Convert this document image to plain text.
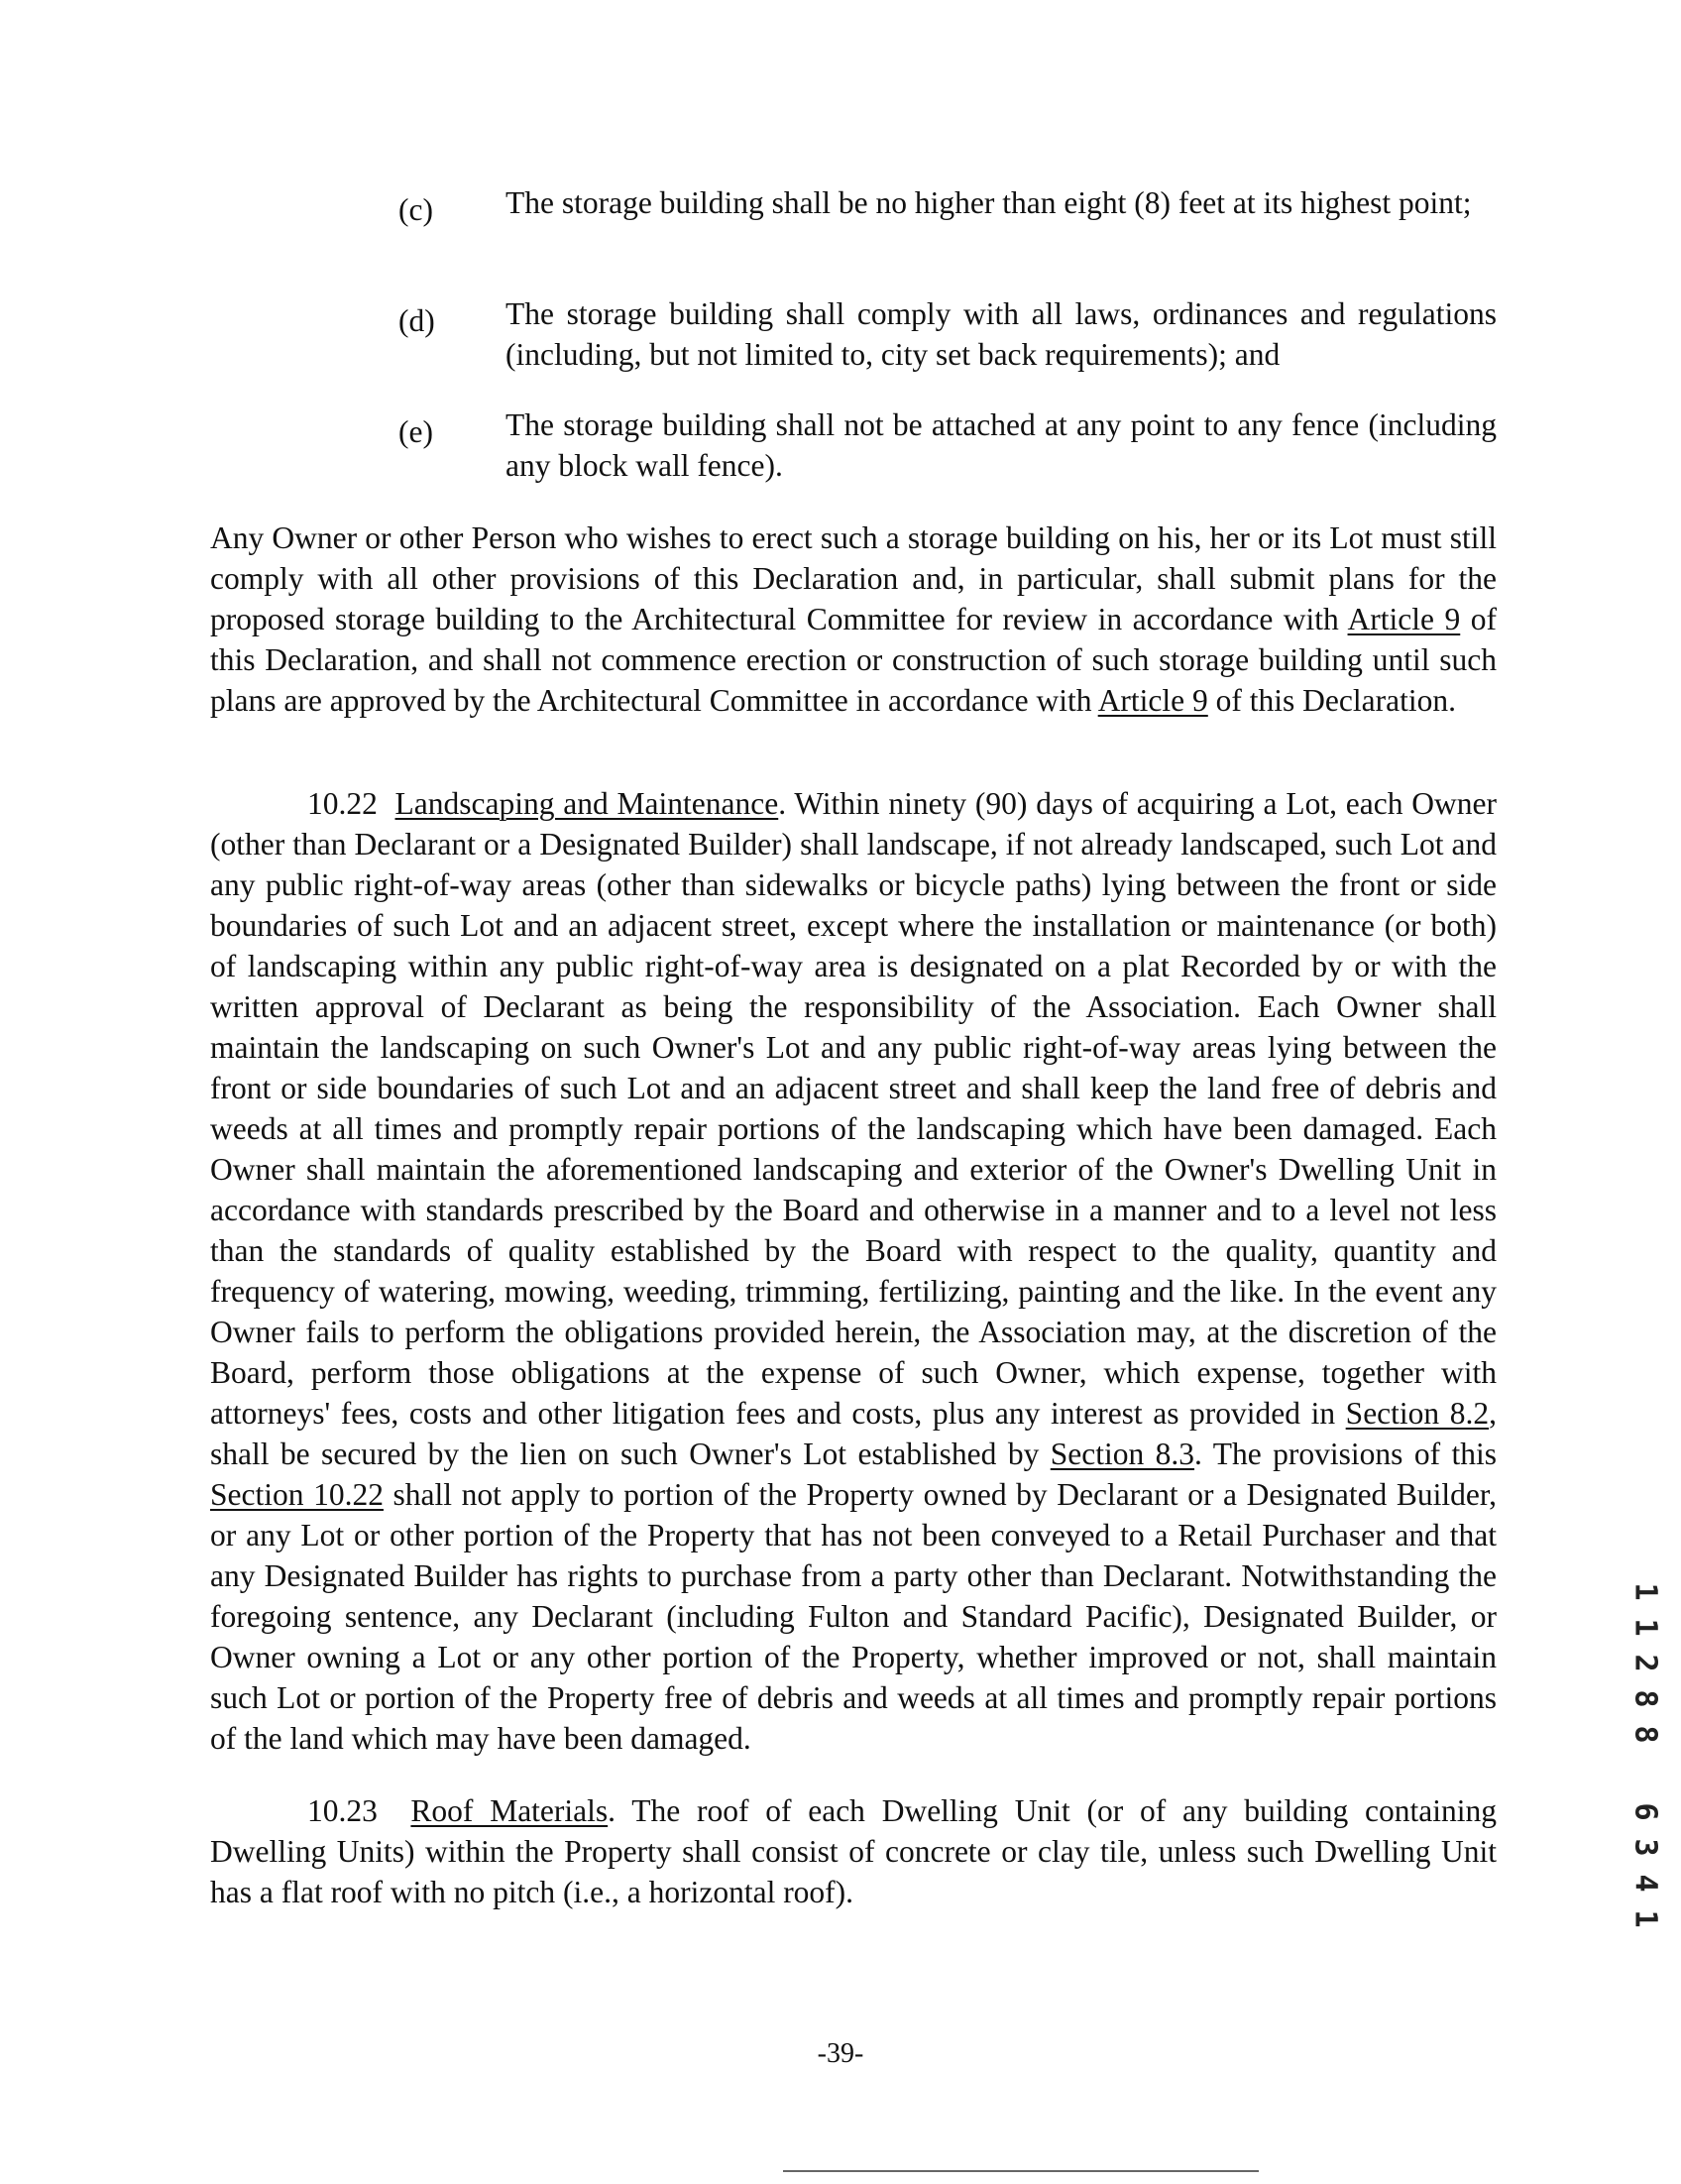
(c) The storage building shall be no higher than eight (8) feet at its highest point;
(d) The storage building shall comply with all laws, ordinances and regulations (including, but not limited to, city set back requirements); and
(e) The storage building shall not be attached at any point to any fence (including any block wall fence).
Any Owner or other Person who wishes to erect such a storage building on his, her or its Lot must still comply with all other provisions of this Declaration and, in particular, shall submit plans for the proposed storage building to the Architectural Committee for review in accordance with Article 9 of this Declaration, and shall not commence erection or construction of such storage building until such plans are approved by the Architectural Committee in accordance with Article 9 of this Declaration.
10.22 Landscaping and Maintenance. Within ninety (90) days of acquiring a Lot, each Owner (other than Declarant or a Designated Builder) shall landscape, if not already landscaped, such Lot and any public right-of-way areas (other than sidewalks or bicycle paths) lying between the front or side boundaries of such Lot and an adjacent street, except where the installation or maintenance (or both) of landscaping within any public right-of-way area is designated on a plat Recorded by or with the written approval of Declarant as being the responsibility of the Association. Each Owner shall maintain the landscaping on such Owner's Lot and any public right-of-way areas lying between the front or side boundaries of such Lot and an adjacent street and shall keep the land free of debris and weeds at all times and promptly repair portions of the landscaping which have been damaged. Each Owner shall maintain the aforementioned landscaping and exterior of the Owner's Dwelling Unit in accordance with standards prescribed by the Board and otherwise in a manner and to a level not less than the standards of quality established by the Board with respect to the quality, quantity and frequency of watering, mowing, weeding, trimming, fertilizing, painting and the like. In the event any Owner fails to perform the obligations provided herein, the Association may, at the discretion of the Board, perform those obligations at the expense of such Owner, which expense, together with attorneys' fees, costs and other litigation fees and costs, plus any interest as provided in Section 8.2, shall be secured by the lien on such Owner's Lot established by Section 8.3. The provisions of this Section 10.22 shall not apply to portion of the Property owned by Declarant or a Designated Builder, or any Lot or other portion of the Property that has not been conveyed to a Retail Purchaser and that any Designated Builder has rights to purchase from a party other than Declarant. Notwithstanding the foregoing sentence, any Declarant (including Fulton and Standard Pacific), Designated Builder, or Owner owning a Lot or any other portion of the Property, whether improved or not, shall maintain such Lot or portion of the Property free of debris and weeds at all times and promptly repair portions of the land which may have been damaged.
10.23 Roof Materials. The roof of each Dwelling Unit (or of any building containing Dwelling Units) within the Property shall consist of concrete or clay tile, unless such Dwelling Unit has a flat roof with no pitch (i.e., a horizontal roof).
-39-
1
1
2
8
8
6
3
4
1
